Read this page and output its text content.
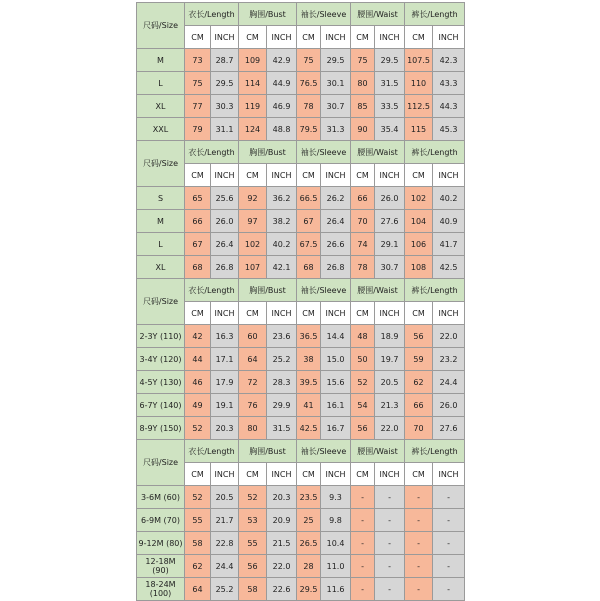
尺码/Size	衣长/Length		胸围/Bust		袖长/Sleeve		腰围/Waist		裤长/Length	
	CM	INCH	CM	INCH	CM	INCH	CM	INCH	CM	INCH
M	73	28.7	109	42.9	75	29.5	75	29.5	107.5	42.3
L	75	29.5	114	44.9	76.5	30.1	80	31.5	110	43.3
XL	77	30.3	119	46.9	78	30.7	85	33.5	112.5	44.3
XXL	79	31.1	124	48.8	79.5	31.3	90	35.4	115	45.3
尺码/Size	衣长/Length		胸围/Bust		袖长/Sleeve		腰围/Waist		裤长/Length	
	CM	INCH	CM	INCH	CM	INCH	CM	INCH	CM	INCH
S	65	25.6	92	36.2	66.5	26.2	66	26.0	102	40.2
M	66	26.0	97	38.2	67	26.4	70	27.6	104	40.9
L	67	26.4	102	40.2	67.5	26.6	74	29.1	106	41.7
XL	68	26.8	107	42.1	68	26.8	78	30.7	108	42.5
尺码/Size	衣长/Length		胸围/Bust		袖长/Sleeve		腰围/Waist		裤长/Length	
	CM	INCH	CM	INCH	CM	INCH	CM	INCH	CM	INCH
2-3Y (110)	42	16.3	60	23.6	36.5	14.4	48	18.9	56	22.0
3-4Y (120)	44	17.1	64	25.2	38	15.0	50	19.7	59	23.2
4-5Y (130)	46	17.9	72	28.3	39.5	15.6	52	20.5	62	24.4
6-7Y (140)	49	19.1	76	29.9	41	16.1	54	21.3	66	26.0
8-9Y (150)	52	20.3	80	31.5	42.5	16.7	56	22.0	70	27.6
尺码/Size	衣长/Length		胸围/Bust		袖长/Sleeve		腰围/Waist		裤长/Length	
	CM	INCH	CM	INCH	CM	INCH	CM	INCH	CM	INCH
3-6M (60)	52	20.5	52	20.3	23.5	9.3	-	-	-	-
6-9M (70)	55	21.7	53	20.9	25	9.8	-	-	-	-
9-12M (80)	58	22.8	55	21.5	26.5	10.4	-	-	-	-
12-18M (90)	62	24.4	56	22.0	28	11.0	-	-	-	-
18-24M (100)	64	25.2	58	22.6	29.5	11.6	-	-	-	-
